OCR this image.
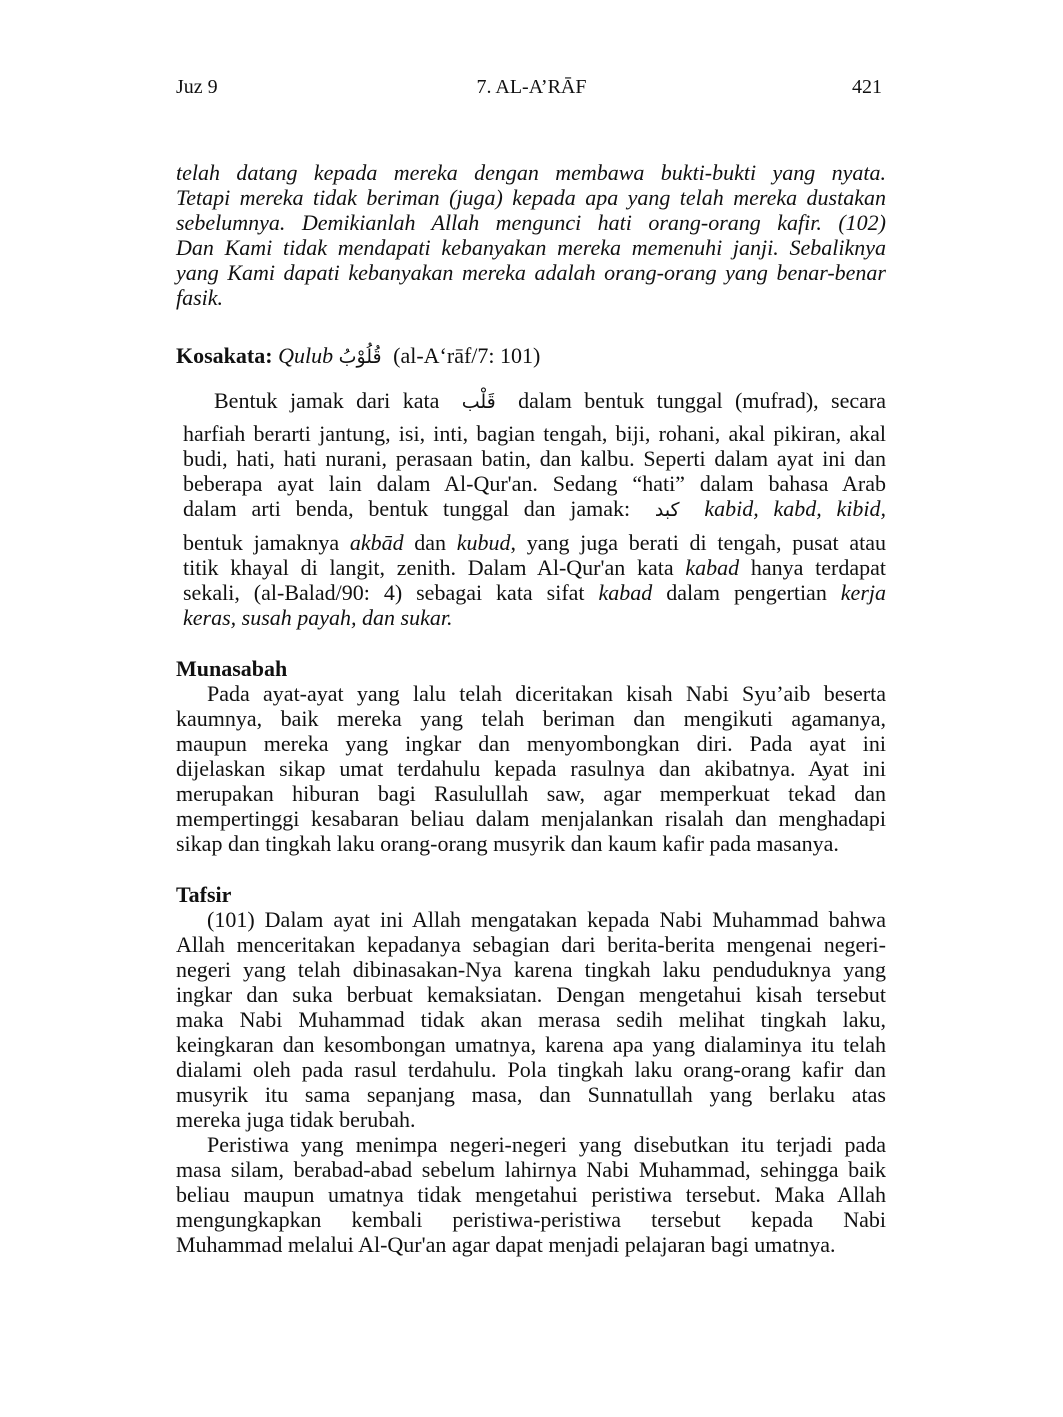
Juz 9	7. AL-A’RĀF	421
telah datang kepada mereka dengan membawa bukti-bukti yang nyata.
Tetapi mereka tidak beriman (juga) kepada apa yang telah mereka dustakan
sebelumnya. Demikianlah Allah mengunci hati orang-orang kafir. (102)
Dan Kami tidak mendapati kebanyakan mereka memenuhi janji. Sebaliknya
yang Kami dapati kebanyakan mereka adalah orang-orang yang benar-benar
fasik.
Kosakata: Qulub قُلُوْبُ (al-A‘rāf/7: 101)
Bentuk jamak dari kata قَلْب dalam bentuk tunggal (mufrad), secara
harfiah berarti jantung, isi, inti, bagian tengah, biji, rohani, akal pikiran, akal
budi, hati, hati nurani, perasaan batin, dan kalbu. Seperti dalam ayat ini dan
beberapa ayat lain dalam Al-Qur'an. Sedang “hati” dalam bahasa Arab
dalam arti benda, bentuk tunggal dan jamak: كبد kabid, kabd, kibid,
bentuk jamaknya akbād dan kubud, yang juga berati di tengah, pusat atau
titik khayal di langit, zenith. Dalam Al-Qur'an kata kabad hanya terdapat
sekali, (al-Balad/90: 4) sebagai kata sifat kabad dalam pengertian kerja
keras, susah payah, dan sukar.
Munasabah
Pada ayat-ayat yang lalu telah diceritakan kisah Nabi Syu’aib beserta
kaumnya, baik mereka yang telah beriman dan mengikuti agamanya,
maupun mereka yang ingkar dan menyombongkan diri. Pada ayat ini
dijelaskan sikap umat terdahulu kepada rasulnya dan akibatnya. Ayat ini
merupakan hiburan bagi Rasulullah saw, agar memperkuat tekad dan
mempertinggi kesabaran beliau dalam menjalankan risalah dan menghadapi
sikap dan tingkah laku orang-orang musyrik dan kaum kafir pada masanya.
Tafsir
(101) Dalam ayat ini Allah mengatakan kepada Nabi Muhammad bahwa
Allah menceritakan kepadanya sebagian dari berita-berita mengenai negeri-
negeri yang telah dibinasakan-Nya karena tingkah laku penduduknya yang
ingkar dan suka berbuat kemaksiatan. Dengan mengetahui kisah tersebut
maka Nabi Muhammad tidak akan merasa sedih melihat tingkah laku,
keingkaran dan kesombongan umatnya, karena apa yang dialaminya itu telah
dialami oleh pada rasul terdahulu. Pola tingkah laku orang-orang kafir dan
musyrik itu sama sepanjang masa, dan Sunnatullah yang berlaku atas
mereka juga tidak berubah.
Peristiwa yang menimpa negeri-negeri yang disebutkan itu terjadi pada
masa silam, berabad-abad sebelum lahirnya Nabi Muhammad, sehingga baik
beliau maupun umatnya tidak mengetahui peristiwa tersebut. Maka Allah
mengungkapkan kembali peristiwa-peristiwa tersebut kepada Nabi
Muhammad melalui Al-Qur'an agar dapat menjadi pelajaran bagi umatnya.
